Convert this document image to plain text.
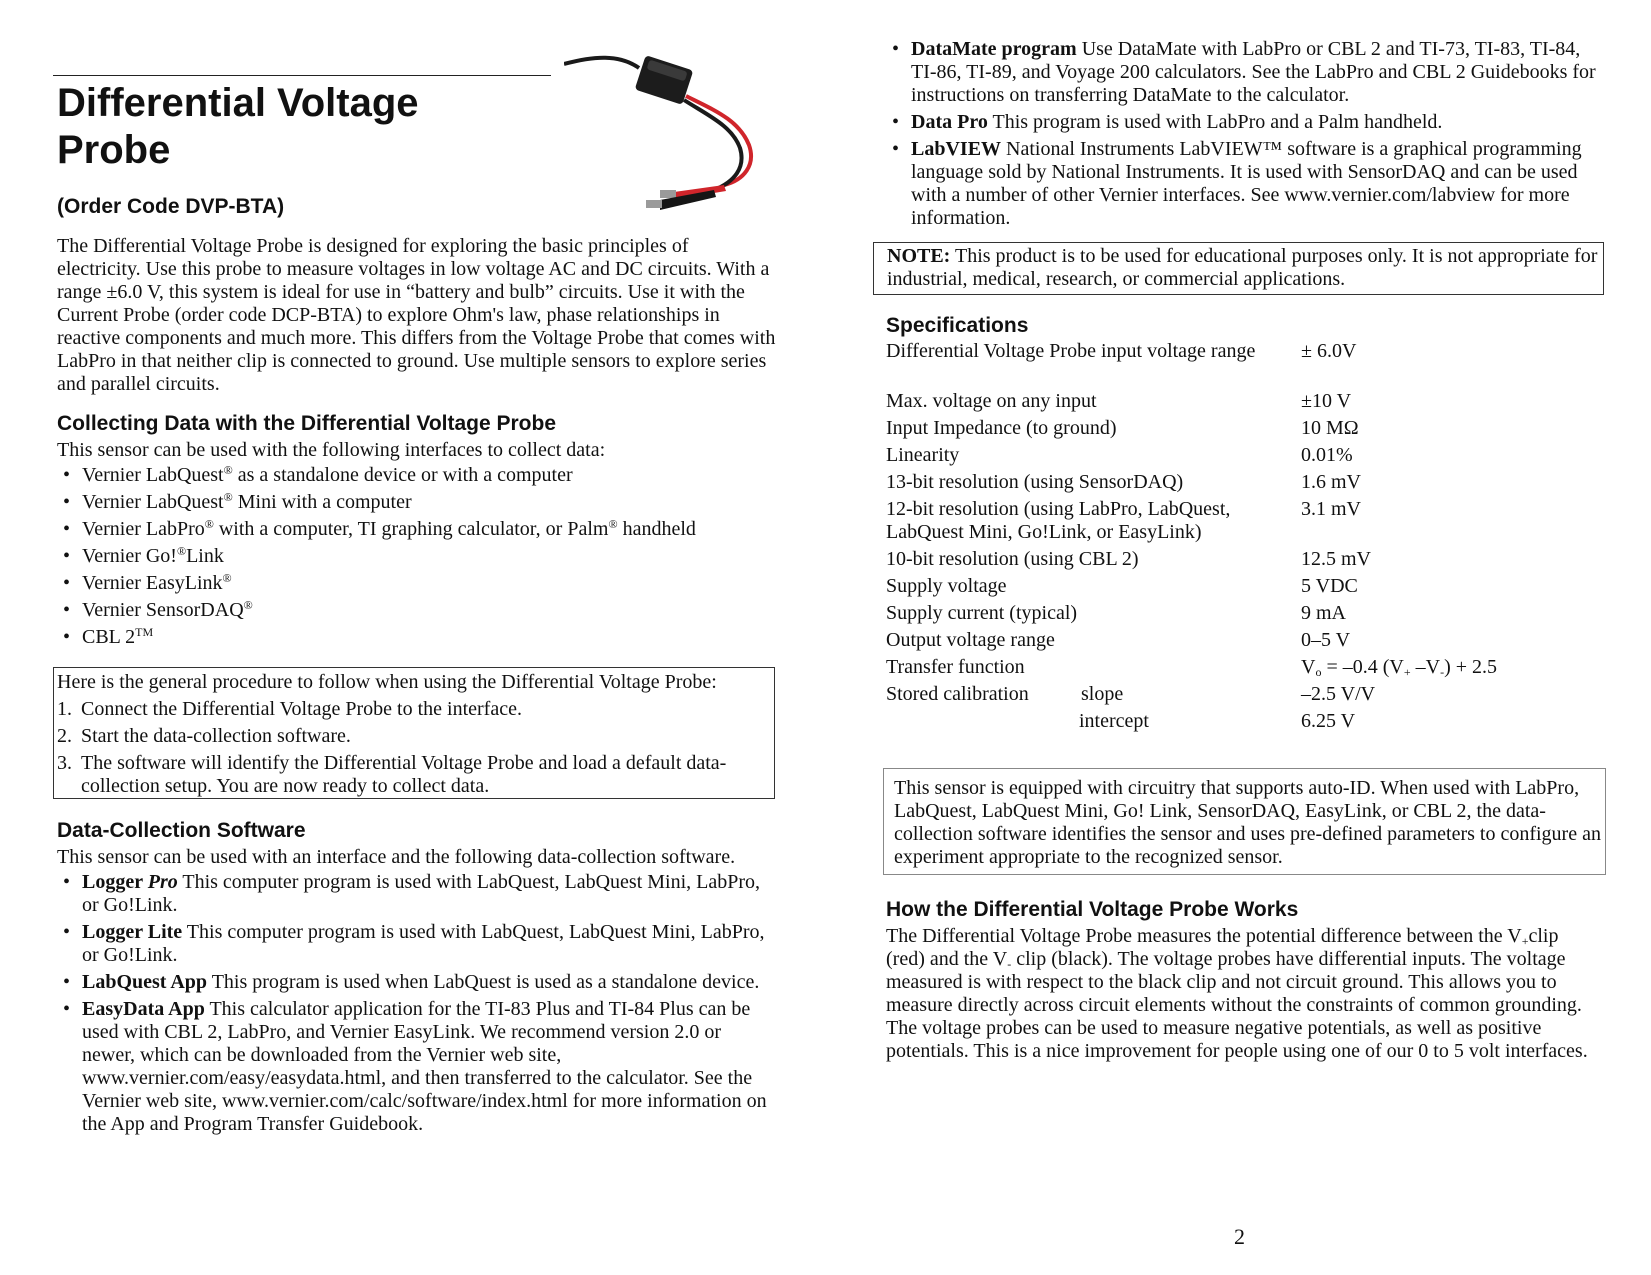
Differential Voltage
Probe

(Order Code DVP-BTA)

The Differential Voltage Probe is designed for exploring the basic principles of electricity. Use this probe to measure voltages in low voltage AC and DC circuits. With a range ±6.0 V, this system is ideal for use in “battery and bulb” circuits. Use it with the Current Probe (order code DCP-BTA) to explore Ohm's law, phase relationships in reactive components and much more. This differs from the Voltage Probe that comes with LabPro in that neither clip is connected to ground. Use multiple sensors to explore series and parallel circuits.

Collecting Data with the Differential Voltage Probe

This sensor can be used with the following interfaces to collect data:

• Vernier LabQuest® as a standalone device or with a computer
• Vernier LabQuest® Mini with a computer
• Vernier LabPro® with a computer, TI graphing calculator, or Palm® handheld
• Vernier Go!®Link
• Vernier EasyLink®
• Vernier SensorDAQ®
• CBL 2™

Here is the general procedure to follow when using the Differential Voltage Probe:

1. Connect the Differential Voltage Probe to the interface.
2. Start the data-collection software.
3. The software will identify the Differential Voltage Probe and load a default data-collection setup. You are now ready to collect data.
Data-Collection Software

This sensor can be used with an interface and the following data-collection software.

• Logger Pro This computer program is used with LabQuest, LabQuest Mini, LabPro, or Go!Link.
• Logger Lite This computer program is used with LabQuest, LabQuest Mini, LabPro, or Go!Link.
• LabQuest App This program is used when LabQuest is used as a standalone device.
• EasyData App This calculator application for the TI-83 Plus and TI-84 Plus can be used with CBL 2, LabPro, and Vernier EasyLink. We recommend version 2.0 or newer, which can be downloaded from the Vernier web site, www.vernier.com/easy/easydata.html, and then transferred to the calculator. See the Vernier web site, www.vernier.com/calc/software/index.html for more information on the App and Program Transfer Guidebook.
• DataMate program Use DataMate with LabPro or CBL 2 and TI-73, TI-83, TI-84, TI-86, TI-89, and Voyage 200 calculators. See the LabPro and CBL 2 Guidebooks for instructions on transferring DataMate to the calculator.
• Data Pro This program is used with LabPro and a Palm handheld.
• LabVIEW National Instruments LabVIEW™ software is a graphical programming language sold by National Instruments. It is used with SensorDAQ and can be used with a number of other Vernier interfaces. See www.vernier.com/labview for more information.

NOTE: This product is to be used for educational purposes only. It is not appropriate for industrial, medical, research, or commercial applications.

Specifications
Differential Voltage Probe input voltage range	± 6.0V
Max. voltage on any input	±10 V
Input Impedance (to ground)	10 MΩ
Linearity	0.01%
13-bit resolution (using SensorDAQ)	1.6 mV
12-bit resolution (using LabPro, LabQuest, LabQuest Mini, Go!Link, or EasyLink)	3.1 mV
10-bit resolution (using CBL 2)	12.5 mV
Supply voltage	5 VDC
Supply current (typical)	9 mA
Output voltage range	0–5 V
Transfer function	$V_o = -0.4$ ($V_+$ $-V_-) + 2.5$
Stored calibration slope	–2.5 V/V
intercept	6.25 V

This sensor is equipped with circuitry that supports auto-ID. When used with LabPro, LabQuest, LabQuest Mini, Go! Link, SensorDAQ, EasyLink, or CBL 2, the data-collection software identifies the sensor and uses pre-defined parameters to configure an experiment appropriate to the recognized sensor.

How the Differential Voltage Probe Works

The Differential Voltage Probe measures the potential difference between the $V_+clip$ (red) and the $V_-$ clip (black). The voltage probes have differential inputs. The voltage measured is with respect to the black clip and not circuit ground. This allows you to measure directly across circuit elements without the constraints of common grounding. The voltage probes can be used to measure negative potentials, as well as positive potentials. This is a nice improvement for people using one of our 0 to 5 volt interfaces.

2
